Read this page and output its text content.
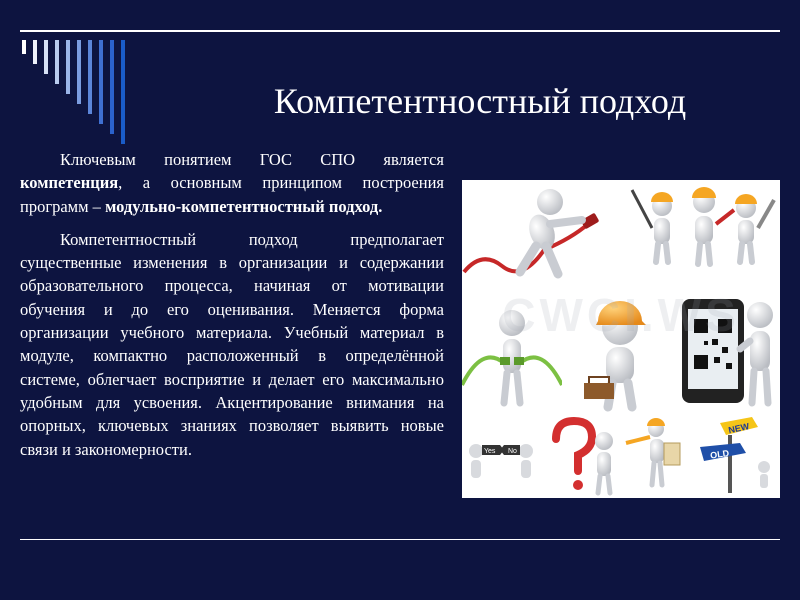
Компетентностный подход

Ключевым понятием ГОС СПО является компетенция, а основным принципом построения программ – модульно-компетентностный подход.

Компетентностный подход предполагает существенные изменения в организации и содержании образовательного процесса, начиная от мотивации обучения и до его оценивания. Меняется форма организации учебного материала. Учебный материал в модуле, компактно расположенный в определённой системе, облегчает восприятие и делает его максимально удобным для усвоения. Акцентирование внимания на опорных, ключевых знаниях позволяет выявить новые связи и закономерности.	Yes No
NEW
OLD
CWCI.WS
